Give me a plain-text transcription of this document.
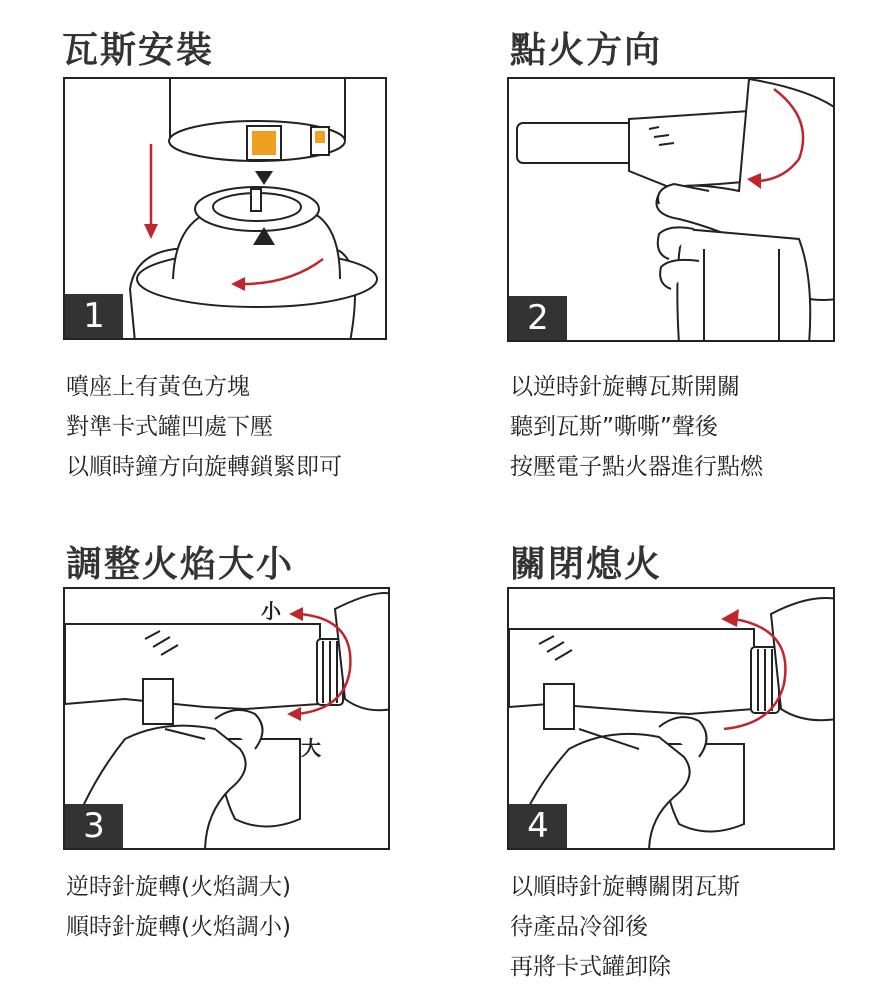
瓦斯安裝
1
噴座上有黃色方塊
對準卡式罐凹處下壓
以順時鐘方向旋轉鎖緊即可
點火方向
2
以逆時針旋轉瓦斯開關
聽到瓦斯”嘶嘶”聲後
按壓電子點火器進行點燃
調整火焰大小
小
大
3
逆時針旋轉(火焰調大)
順時針旋轉(火焰調小)
關閉熄火
4
以順時針旋轉關閉瓦斯
待產品冷卻後
再將卡式罐卸除
